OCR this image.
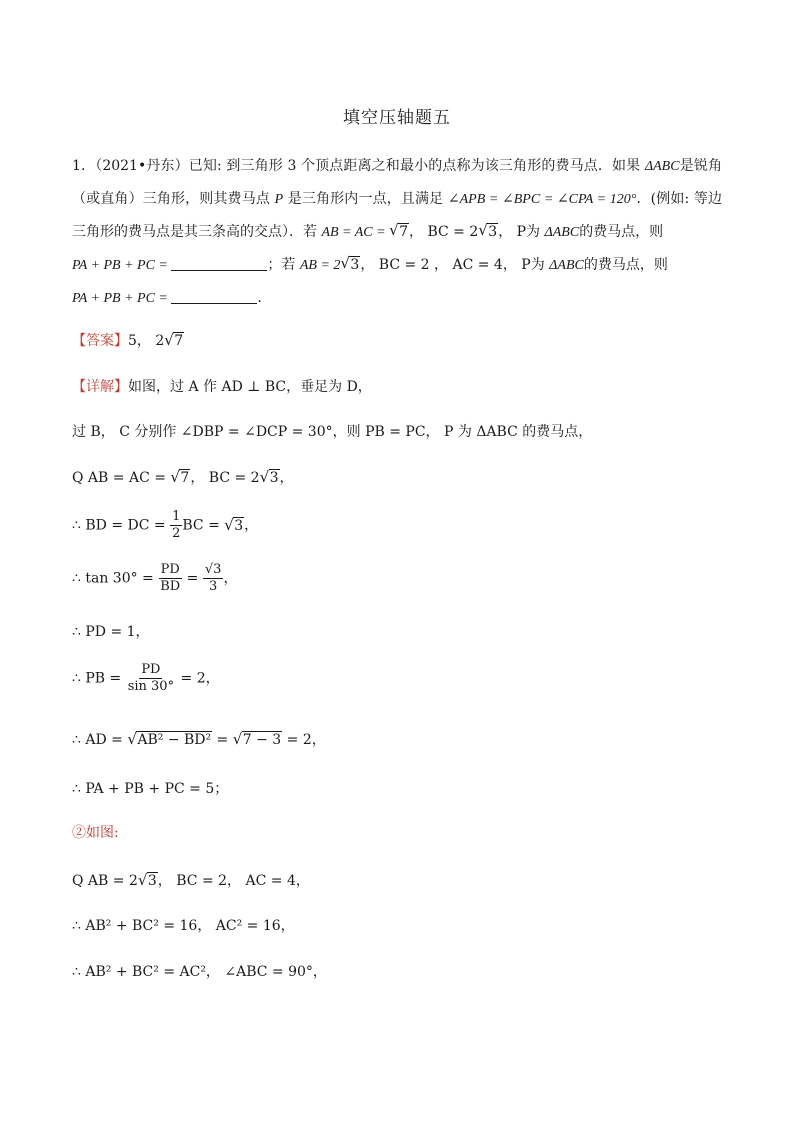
填空压轴题五
1．（2021•丹东）已知: 到三角形 3 个顶点距离之和最小的点称为该三角形的费马点．如果 ΔABC是锐角（或直角）三角形，则其费马点 P 是三角形内一点，且满足 ∠APB = ∠BPC = ∠CPA = 120°．(例如: 等边三角形的费马点是其三条高的交点）．若 AB = AC = √ 7， BC = 2 √ 3， P为 ΔABC的费马点，则
PA + PB + PC =	；若 AB = 2 √ 3， BC = 2 ， AC = 4， P为 ΔABC的费马点，则
PA + PB + PC =	．
【答案】5， 2 √ 7
【详解】如图，过 A 作 AD ⊥ BC，垂足为 D，
过 B， C 分别作 ∠DBP = ∠DCP = 30°，则 PB = PC， P 为 ΔABC 的费马点，
Q AB = AC = √ 7， BC = 2 √ 3，
∴ BD = DC = $\frac{1}{2}$ BC = √ 3，
∴ $\tan 30^\circ = \frac{PD}{BD} = \frac{√3}{3}$ ，
∴ PD = 1，
∴ PB = $\frac{PD}{\sin 30^\circ} = 2$，
∴ AD = √ AB² − BD² = √ 7 − 3 = 2，
∴ PA + PB + PC = 5；
②如图:
Q AB = 2 √ 3， BC = 2， AC = 4，
∴ AB² + BC² = 16， AC² = 16，
∴ AB² + BC² = AC²， ∠ABC = 90°，
